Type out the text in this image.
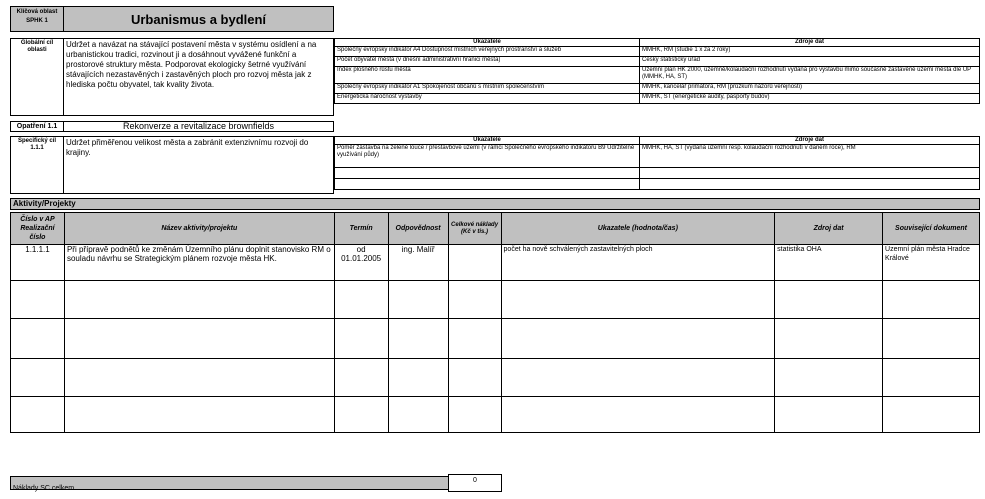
Klíčová oblast
SPHK 1	Urbanismus a bydlení
Globální cíl oblasti
Udržet a navázat na stávající postavení města v systému osídlení a na urbanistickou tradici, rozvinout ji a dosáhnout vyvážené funkční a prostorové struktury města. Podporovat ekologicky šetrné využívání stávajících nezastavěných i zastavěných ploch pro rozvoj města jak z hlediska počtu obyvatel, tak kvality života.
Ukazatele	Zdroje dat
Společný evropský indikátor A4 Dostupnost místních veřejných prostranství a služeb	MMHK, RM (studie 1 x za 2 roky)
Počet obyvatel města (v dnešní administrativní hranici města)	Český statistický úřad
Index plošného růstu města	Územní plán HK 2000, územně/kolaudační rozhodnutí vydaná pro výstavbu mimo současně zastavěné území města dle ÚP (MMHK, HA, ST)
Společný evropský indikátor A1 Spokojenost občanů s místním společenstvím	MMHK, kancelář primátora, RM (průzkum názorů veřejnosti)
Energetická náročnost výstavby	MMHK, ST (energetické audity, pasporty budov)
Opatření 1.1	Rekonverze a revitalizace brownfields
Specifický cíl 1.1.1
Udržet přiměřenou velikost města a zabránit extenzivnímu rozvoji do krajiny.
Ukazatele	Zdroje dat
Poměr zástavba na zelené louce / přestavbové území (v rámci Společného evropského indikátoru B9 Udržitelné využívání půdy)	MMHK, HA, ST (vydaná územní resp. kolaudační rozhodnutí v daném roce), RM

Aktivity/Projekty
Číslo v AP
Realizační číslo	Název aktivity/projektu	Termín	Odpovědnost	Celkové náklady (Kč v tis.)	Ukazatele (hodnota/čas)	Zdroj dat	Související dokument
1.1.1.1	Při přípravě podnětů ke změnám Územního plánu doplnit stanovisko RM o souladu návrhu se Strategickým plánem rozvoje města HK.	od 01.01.2005	ing. Malíř		počet ha nově schválených zastavitelných ploch	statistika OHA	Územní plán města Hradce Králové

Náklady SC celkem
0
